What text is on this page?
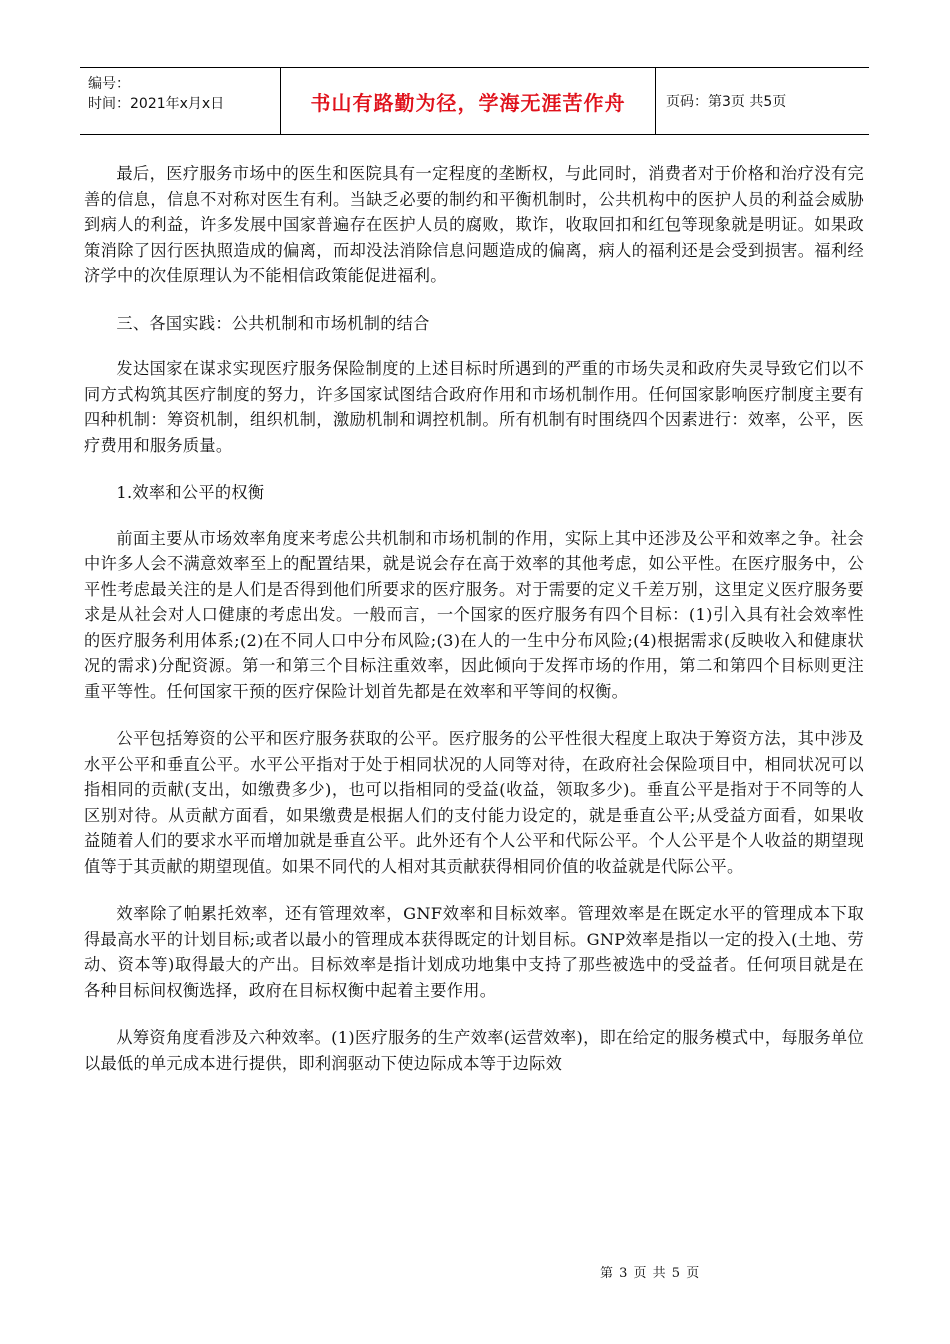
编号：
时间：2021年x月x日	书山有路勤为径，学海无涯苦作舟	页码：第3页 共5页

最后，医疗服务市场中的医生和医院具有一定程度的垄断权，与此同时，消费者对于价格和治疗没有完善的信息，信息不对称对医生有利。当缺乏必要的制约和平衡机制时，公共机构中的医护人员的利益会威胁到病人的利益，许多发展中国家普遍存在医护人员的腐败，欺诈，收取回扣和红包等现象就是明证。如果政策消除了因行医执照造成的偏离，而却没法消除信息问题造成的偏离，病人的福利还是会受到损害。福利经济学中的次佳原理认为不能相信政策能促进福利。

三、各国实践：公共机制和市场机制的结合

发达国家在谋求实现医疗服务保险制度的上述目标时所遇到的严重的市场失灵和政府失灵导致它们以不同方式构筑其医疗制度的努力，许多国家试图结合政府作用和市场机制作用。任何国家影响医疗制度主要有四种机制：筹资机制，组织机制，激励机制和调控机制。所有机制有时围绕四个因素进行：效率，公平，医疗费用和服务质量。

1.效率和公平的权衡

前面主要从市场效率角度来考虑公共机制和市场机制的作用，实际上其中还涉及公平和效率之争。社会中许多人会不满意效率至上的配置结果，就是说会存在高于效率的其他考虑，如公平性。在医疗服务中，公平性考虑最关注的是人们是否得到他们所要求的医疗服务。对于需要的定义千差万别，这里定义医疗服务要求是从社会对人口健康的考虑出发。一般而言，一个国家的医疗服务有四个目标：(1)引入具有社会效率性的医疗服务利用体系;(2)在不同人口中分布风险;(3)在人的一生中分布风险;(4)根据需求(反映收入和健康状况的需求)分配资源。第一和第三个目标注重效率，因此倾向于发挥市场的作用，第二和第四个目标则更注重平等性。任何国家干预的医疗保险计划首先都是在效率和平等间的权衡。

公平包括筹资的公平和医疗服务获取的公平。医疗服务的公平性很大程度上取决于筹资方法，其中涉及水平公平和垂直公平。水平公平指对于处于相同状况的人同等对待，在政府社会保险项目中，相同状况可以指相同的贡献(支出，如缴费多少)，也可以指相同的受益(收益，领取多少)。垂直公平是指对于不同等的人区别对待。从贡献方面看，如果缴费是根据人们的支付能力设定的，就是垂直公平;从受益方面看，如果收益随着人们的要求水平而增加就是垂直公平。此外还有个人公平和代际公平。个人公平是个人收益的期望现值等于其贡献的期望现值。如果不同代的人相对其贡献获得相同价值的收益就是代际公平。

效率除了帕累托效率，还有管理效率，GNF效率和目标效率。管理效率是在既定水平的管理成本下取得最高水平的计划目标;或者以最小的管理成本获得既定的计划目标。GNP效率是指以一定的投入(土地、劳动、资本等)取得最大的产出。目标效率是指计划成功地集中支持了那些被选中的受益者。任何项目就是在各种目标间权衡选择，政府在目标权衡中起着主要作用。

从筹资角度看涉及六种效率。(1)医疗服务的生产效率(运营效率)，即在给定的服务模式中，每服务单位以最低的单元成本进行提供，即利润驱动下使边际成本等于边际效

第 3 页 共 5 页
